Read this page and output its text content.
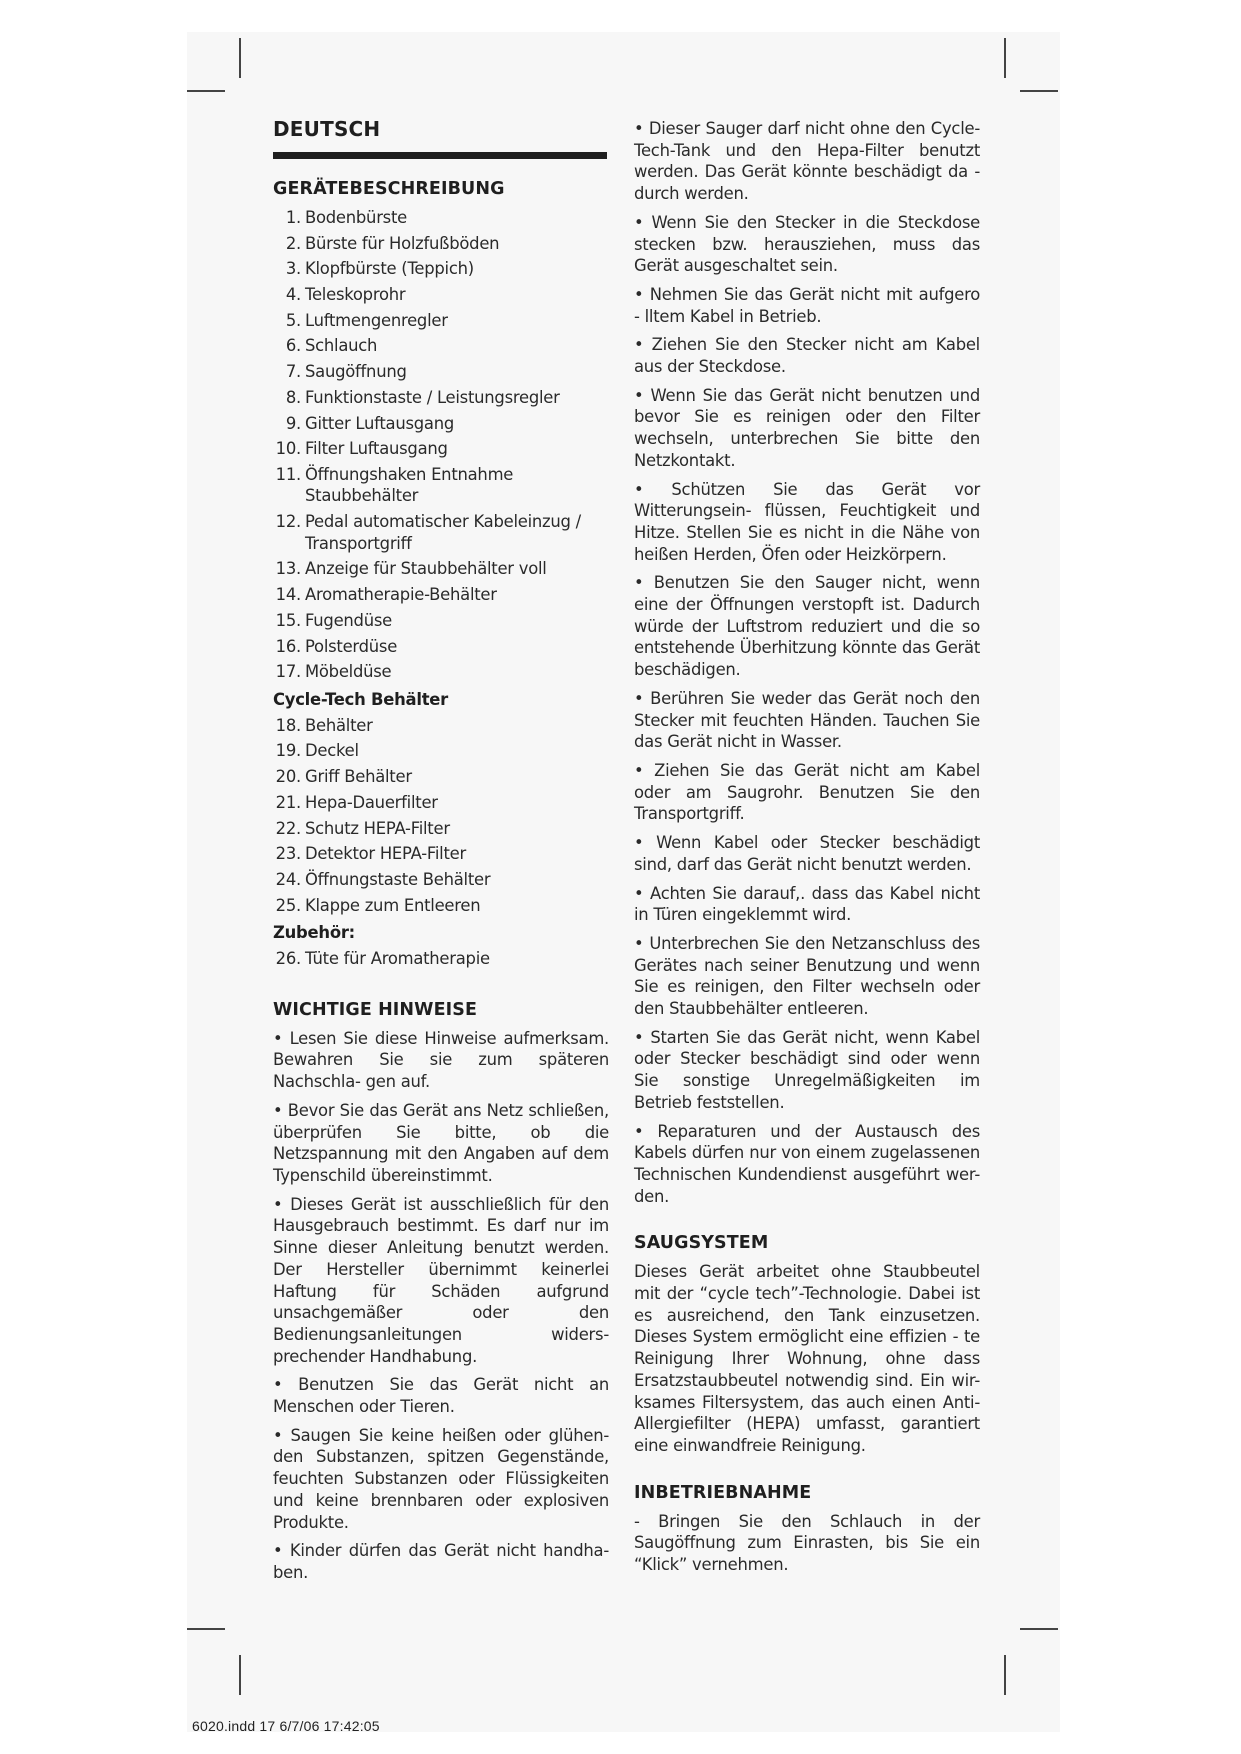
DEUTSCH
GERÄTEBESCHREIBUNG
1. Bodenbürste
2. Bürste für Holzfußböden
3. Klopfbürste (Teppich)
4. Teleskoprohr
5. Luftmengenregler
6. Schlauch
7. Saugöffnung
8. Funktionstaste / Leistungsregler
9. Gitter Luftausgang
10. Filter Luftausgang
11. Öffnungshaken Entnahme Staubbehälter
12. Pedal automatischer Kabeleinzug / Transportgriff
13. Anzeige für Staubbehälter voll
14. Aromatherapie-Behälter
15. Fugendüse
16. Polsterdüse
17. Möbeldüse
Cycle-Tech Behälter
18. Behälter
19. Deckel
20. Griff Behälter
21. Hepa-Dauerfilter
22. Schutz HEPA-Filter
23. Detektor HEPA-Filter
24. Öffnungstaste Behälter
25. Klappe zum Entleeren
Zubehör:
26. Tüte für Aromatherapie
WICHTIGE HINWEISE

• Lesen Sie diese Hinweise aufmerksam. Bewahren Sie sie zum späteren Nachschla- gen auf.

• Bevor Sie das Gerät ans Netz schließen, überprüfen Sie bitte, ob die Netzspannung mit den Angaben auf dem Typenschild übereinstimmt.

• Dieses Gerät ist ausschließlich für den Hausgebrauch bestimmt. Es darf nur im Sinne dieser Anleitung benutzt werden. Der Hersteller übernimmt keinerlei Haftung für Schäden aufgrund unsachgemäßer oder den Bedienungsanleitungen widers- prechender Handhabung.

• Benutzen Sie das Gerät nicht an Menschen oder Tieren.

• Saugen Sie keine heißen oder glühen- den Substanzen, spitzen Gegenstände, feuchten Substanzen oder Flüssigkeiten und keine brennbaren oder explosiven Produkte.

• Kinder dürfen das Gerät nicht handha- ben.

• Dieser Sauger darf nicht ohne den Cycle- Tech-Tank und den Hepa-Filter benutzt werden. Das Gerät könnte beschädigt da - durch werden.

• Wenn Sie den Stecker in die Steckdose stecken bzw. herausziehen, muss das Gerät ausgeschaltet sein.

• Nehmen Sie das Gerät nicht mit aufgero - lltem Kabel in Betrieb.

• Ziehen Sie den Stecker nicht am Kabel aus der Steckdose.

• Wenn Sie das Gerät nicht benutzen und bevor Sie es reinigen oder den Filter wechseln, unterbrechen Sie bitte den Netzkontakt.

• Schützen Sie das Gerät vor Witterungsein- flüssen, Feuchtigkeit und Hitze. Stellen Sie es nicht in die Nähe von heißen Herden, Öfen oder Heizkörpern.

• Benutzen Sie den Sauger nicht, wenn eine der Öffnungen verstopft ist. Dadurch würde der Luftstrom reduziert und die so entstehende Überhitzung könnte das Gerät beschädigen.

• Berühren Sie weder das Gerät noch den Stecker mit feuchten Händen. Tauchen Sie das Gerät nicht in Wasser.

• Ziehen Sie das Gerät nicht am Kabel oder am Saugrohr. Benutzen Sie den Transportgriff.

• Wenn Kabel oder Stecker beschädigt sind, darf das Gerät nicht benutzt werden.

• Achten Sie darauf,. dass das Kabel nicht in Türen eingeklemmt wird.

• Unterbrechen Sie den Netzanschluss des Gerätes nach seiner Benutzung und wenn Sie es reinigen, den Filter wechseln oder den Staubbehälter entleeren.

• Starten Sie das Gerät nicht, wenn Kabel oder Stecker beschädigt sind oder wenn Sie sonstige Unregelmäßigkeiten im Betrieb feststellen.

• Reparaturen und der Austausch des Kabels dürfen nur von einem zugelassenen Technischen Kundendienst ausgeführt wer- den.

SAUGSYSTEM

Dieses Gerät arbeitet ohne Staubbeutel mit der “cycle tech”-Technologie. Dabei ist es ausreichend, den Tank einzusetzen. Dieses System ermöglicht eine effizien - te Reinigung Ihrer Wohnung, ohne dass Ersatzstaubbeutel notwendig sind. Ein wir- ksames Filtersystem, das auch einen Anti- Allergiefilter (HEPA) umfasst, garantiert eine einwandfreie Reinigung.

INBETRIEBNAHME

- Bringen Sie den Schlauch in der Saugöffnung zum Einrasten, bis Sie ein “Klick” vernehmen.

6020.indd 17 6/7/06 17:42:05
